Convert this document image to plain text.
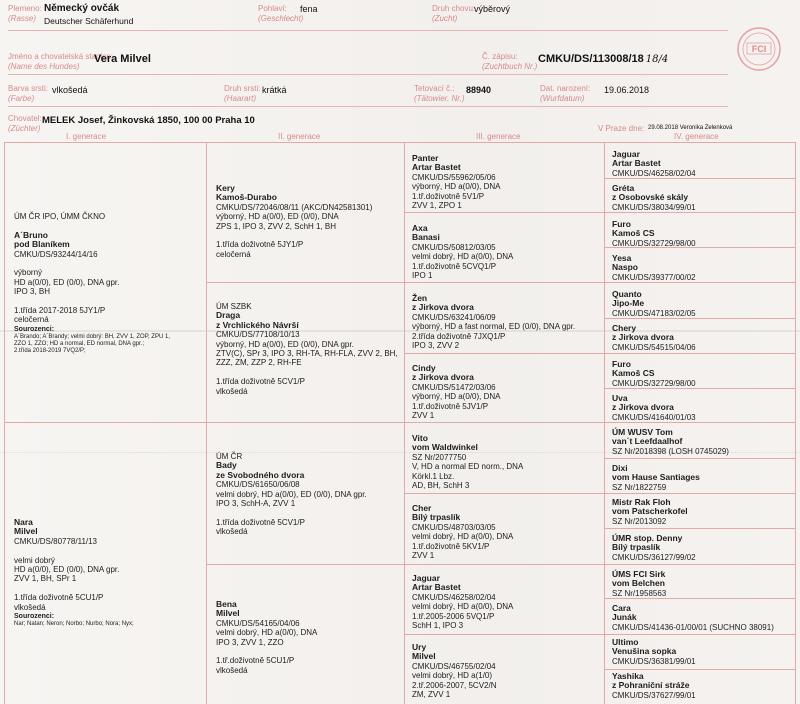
Plemeno:
(Rasse)
Německý ovčák
Deutscher Schäferhund
Pohlaví:
(Geschlecht)
fena	Druh chovu:
(Zucht)
výběrový
Jméno a chovatelská stanice:
(Name des Hundes)
Vera Milvel	Č. zápisu:
(Zuchtbuch Nr.)
CMKU/DS/113008/18 18/4
Barva srsti:
(Farbe)
vlkošedá	Druh srsti:
(Haarart)
krátká	Tetovací č.:
(Tätowier. Nr.)
88940	Dat. narození:
(Wurfdatum)
19.06.2018
Chovatel:
(Züchter)
MELEK Josef, Žinkovská 1850, 100 00 Praha 10
V Praze dne: 29.08.2018 Veronika Zelenková
FCI
I. generace	II. generace	III. generace	IV. generace
ÚM ČR IPO, ÚMM ČKNO

A´Bruno
pod Blaníkem
CMKU/DS/93244/14/16

výborný
HD a(0/0), ED (0/0), DNA gpr.
IPO 3, BH

1.třída 2017-2018 5JY1/P
celočerná
Sourozenci:
A´Brando; A´Brandy; velmi dobrý: BH, ZVV 1, ZOP, ZPU 1,
ZZO 1, ZZO; HD a normal, ED normal, DNA gpr.;
2.třída 2018-2019 7VQ2/P;
Nara
Milvel
CMKU/DS/80778/11/13

velmi dobrý
HD a(0/0), ED (0/0), DNA gpr.
ZVV 1, BH, SPr 1

1.třída doživotně 5CU1/P
vlkošedá
Sourozenci:
Nar; Natan; Neron; Norbo; Nurbo; Nora; Nyx;
Kery
Kamoš-Durabo
CMKU/DS/72046/08/11 (AKC/DN42581301)
výborný, HD a(0/0), ED (0/0), DNA
ZPS 1, IPO 3, ZVV 2, SchH 1, BH

1.třída doživotně 5JY1/P
celočerná
ÚM SZBK
Draga
z Vrchlického Návrší
CMKU/DS/77108/10/13
výborný, HD a(0/0), ED (0/0), DNA gpr.
ZTV(C), SPr 3, IPO 3, RH-TA, RH-FLA, ZVV 2, BH,
ZZZ, ZM, ZZP 2, RH-FE

1.třída doživotně 5CV1/P
vlkošedá
ÚM ČR
Bady
ze Svobodného dvora
CMKU/DS/61650/06/08
velmi dobrý, HD a(0/0), ED (0/0), DNA gpr.
IPO 3, SchH-A, ZVV 1

1.třída doživotně 5CV1/P
vlkošedá
Bena
Milvel
CMKU/DS/54165/04/06
velmi dobrý, HD a(0/0), DNA
IPO 3, ZVV 1, ZZO

1.tř.doživotně 5CU1/P
vlkošedá
Panter
Artar Bastet
CMKU/DS/55962/05/06
výborný, HD a(0/0), DNA
1.tř.doživotně 5V1/P
ZVV 1, ZPO 1
Axa
Banasi
CMKU/DS/50812/03/05
velmi dobrý, HD a(0/0), DNA
1.tř.doživotně 5CVQ1/P
IPO 1
Žen
z Jirkova dvora
CMKU/DS/63241/06/09
výborný, HD a fast normal, ED (0/0), DNA gpr.
2.třída doživotně 7JXQ1/P
IPO 3, ZVV 2
Cindy
z Jirkova dvora
CMKU/DS/51472/03/06
výborný, HD a(0/0), DNA
1.tř.doživotně 5JV1/P
ZVV 1
Vito
vom Waldwinkel
SZ Nr/2077750
V, HD a normal ED norm., DNA
Körkl.1 Lbz.
AD, BH, SchH 3
Cher
Bílý trpaslík
CMKU/DS/48703/03/05
velmi dobrý, HD a(0/0), DNA
1.tř.doživotně 5KV1/P
ZVV 1
Jaguar
Artar Bastet
CMKU/DS/46258/02/04
velmi dobrý, HD a(0/0), DNA
1.tř.2005-2006 5VQ1/P
SchH 1, IPO 3
Ury
Milvel
CMKU/DS/46755/02/04
velmi dobrý, HD a(1/0)
2.tř.2006-2007, 5CV2/N
ZM, ZVV 1
Jaguar
Artar Bastet
CMKU/DS/46258/02/04
Gréta
z Osobovské skály
CMKU/DS/38034/99/01
Furo
Kamoš CS
CMKU/DS/32729/98/00
Yesa
Naspo
CMKU/DS/39377/00/02
Quanto
Jipo-Me
CMKU/DS/47183/02/05
Chery
z Jirkova dvora
CMKU/DS/54515/04/06
Furo
Kamoš CS
CMKU/DS/32729/98/00
Uva
z Jirkova dvora
CMKU/DS/41640/01/03
ÚM WUSV Tom
van´t Leefdaalhof
SZ Nr/2018398 (LOSH 0745029)
Dixi
vom Hause Santiages
SZ Nr/1822759
Mistr Rak Floh
vom Patscherkofel
SZ Nr/2013092
ÚMR stop. Denny
Bílý trpaslík
CMKU/DS/36127/99/02
ÚMS FCI Sirk
vom Belchen
SZ Nr/1958563
Cara
Junák
CMKU/DS/41436-01/00/01 (SUCHNO 38091)
Ultimo
Venušina sopka
CMKU/DS/36381/99/01
Yashika
z Pohraniční stráže
CMKU/DS/37627/99/01
